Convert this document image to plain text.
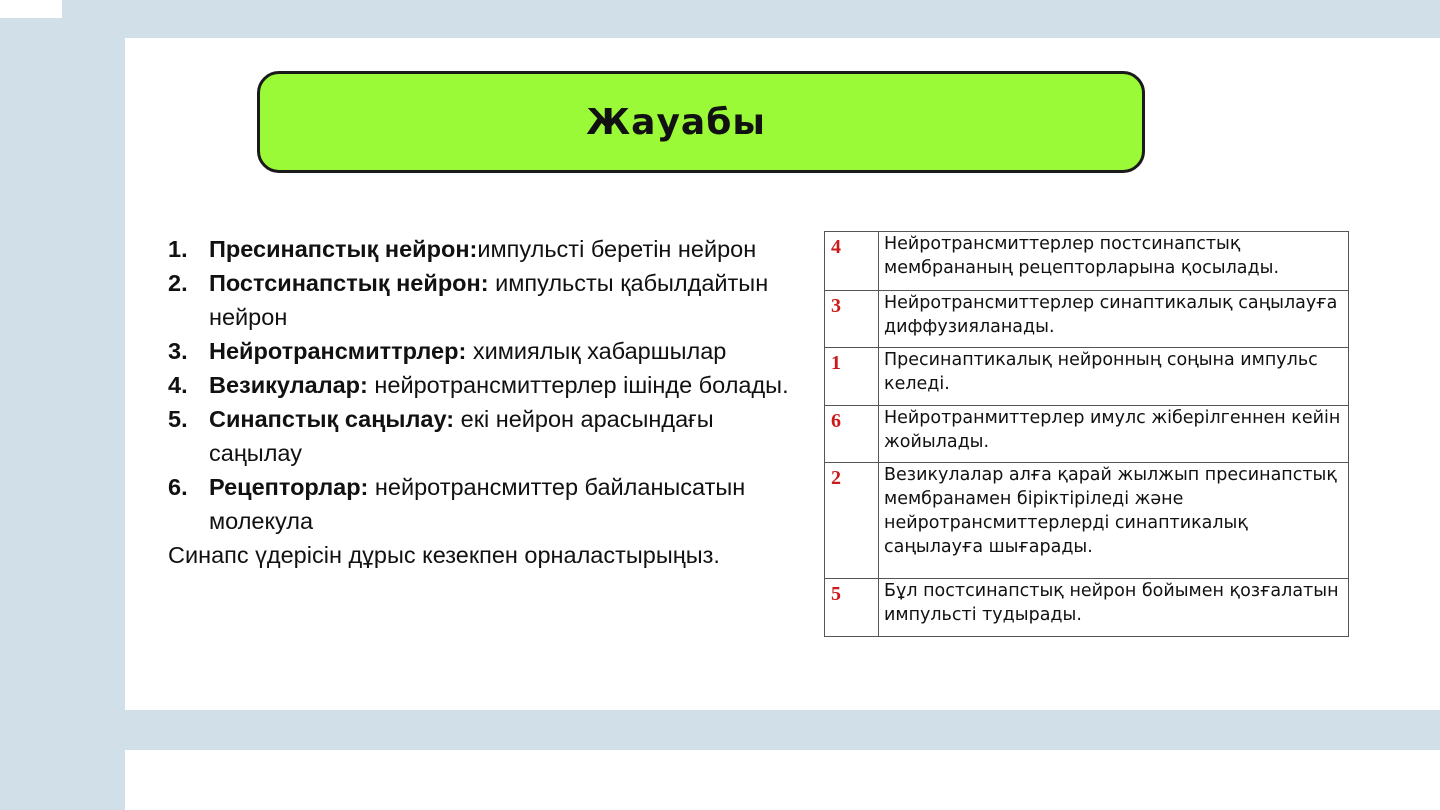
Жауабы
1. Пресинапстық нейрон:импульсті беретін нейрон
2. Постсинапстық нейрон: импульсты қабылдайтын нейрон
3. Нейротрансмиттрлер: химиялық хабаршылар
4. Везикулалар: нейротрансмиттерлер ішінде болады.
5. Синапстық саңылау: екі нейрон арасындағы саңылау
6. Рецепторлар: нейротрансмиттер байланысатын молекула

Синапс үдерісін дұрыс кезекпен орналастырыңыз.

4	Нейротрансмиттерлер постсинапстық мембрананың рецепторларына қосылады.
3	Нейротрансмиттерлер синаптикалық саңылауға диффузияланады.
1	Пресинаптикалық нейронның соңына импульс келеді.
6	Нейротранмиттерлер имулс жіберілгеннен кейін жойылады.
2	Везикулалар алға қарай жылжып пресинапстық мембранамен біріктіріледі және нейротрансмиттерлерді синаптикалық саңылауға шығарады.
5	Бұл постсинапстық нейрон бойымен қозғалатын импульсті тудырады.
